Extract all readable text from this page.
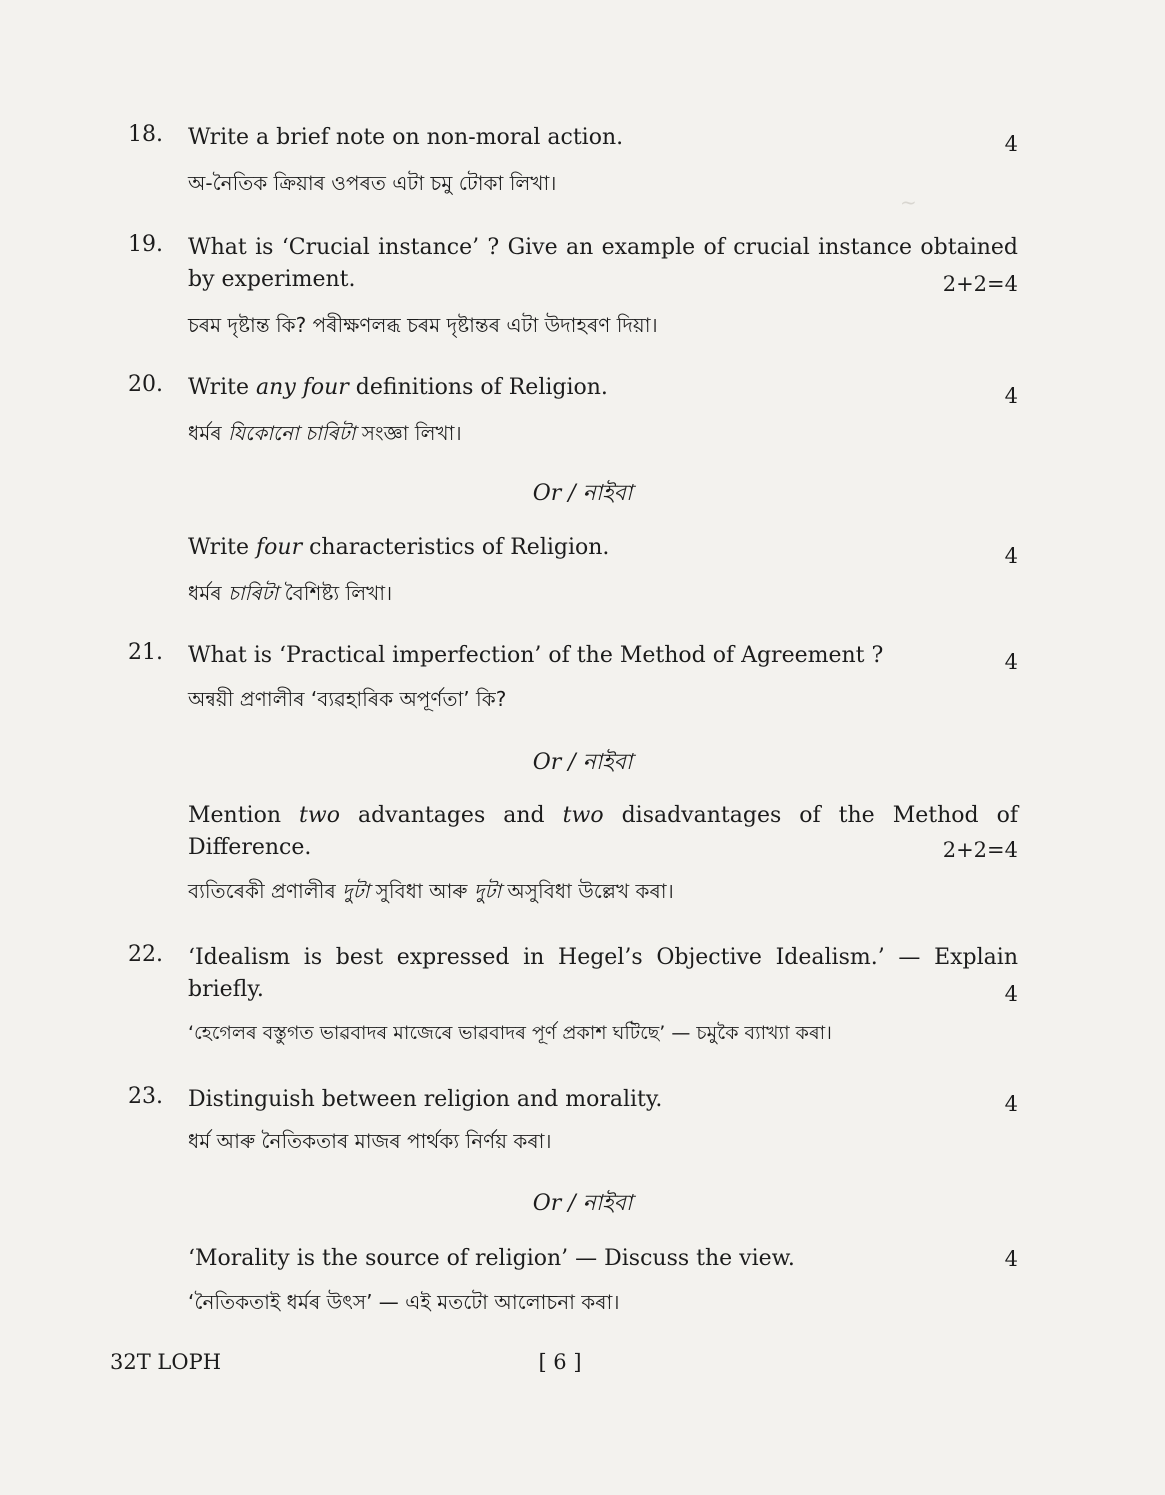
~
18. Write a brief note on non-moral action.
অ-নৈতিক ক্ৰিয়াৰ ওপৰত এটা চমু টোকা লিখা।
4
19. What is ‘Crucial instance’ ? Give an example of crucial instance obtained by experiment.	2+2=4
চৰম দৃষ্টান্ত কি? পৰীক্ষণলব্ধ চৰম দৃষ্টান্তৰ এটা উদাহৰণ দিয়া।
20. Write any four definitions of Religion.
ধৰ্মৰ যিকোনো চাৰিটা সংজ্ঞা লিখা।
4
Or / নাইবা
Write four characteristics of Religion.
ধৰ্মৰ চাৰিটা বৈশিষ্ট্য লিখা।
4
21. What is ‘Practical imperfection’ of the Method of Agreement ?
অন্বয়ী প্ৰণালীৰ ‘ব্যৱহাৰিক অপূৰ্ণতা’ কি?
4
Or / নাইবা
Mention two advantages and two disadvantages of the Method of Difference.	2+2=4
ব্যতিৰেকী প্ৰণালীৰ দুটা সুবিধা আৰু দুটা অসুবিধা উল্লেখ কৰা।
22. ‘Idealism is best expressed in Hegel’s Objective Idealism.’ — Explain briefly.	4
‘হেগেলৰ বস্তুগত ভাৱবাদৰ মাজেৰে ভাৱবাদৰ পূৰ্ণ প্ৰকাশ ঘটিছে’ — চমুকৈ ব্যাখ্যা কৰা।
23. Distinguish between religion and morality.
ধৰ্ম আৰু নৈতিকতাৰ মাজৰ পাৰ্থক্য নিৰ্ণয় কৰা।
4
Or / নাইবা
‘Morality is the source of religion’ — Discuss the view.
‘নৈতিকতাই ধৰ্মৰ উৎস’ — এই মতটো আলোচনা কৰা।
4
32T LOPH	[ 6 ]
